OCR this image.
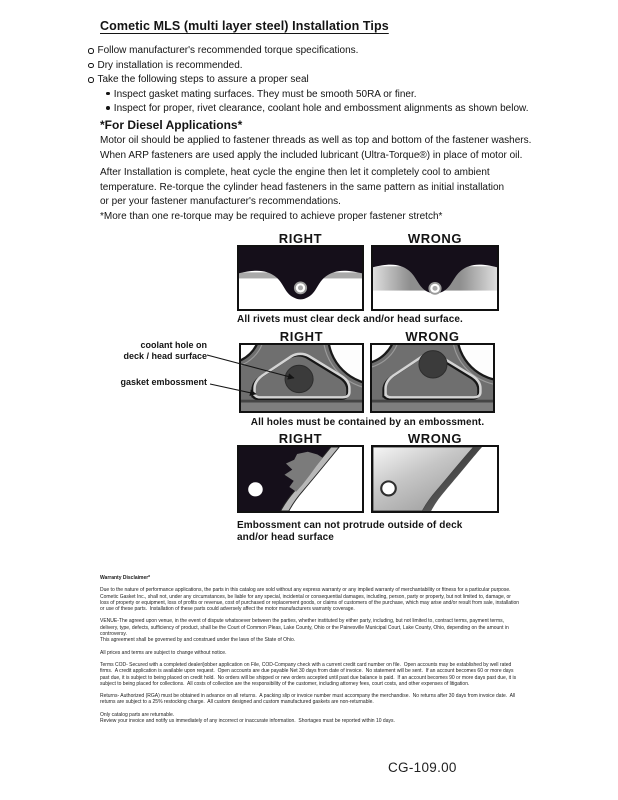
Cometic MLS (multi layer steel) Installation Tips
Follow manufacturer's recommended torque specifications.
Dry installation is recommended.
Take the following steps to assure a proper seal
Inspect gasket mating surfaces. They must be smooth 50RA or finer.
Inspect for proper, rivet clearance, coolant hole and embossment alignments as shown below.
*For Diesel Applications*
Motor oil should be applied to fastener threads as well as top and bottom of the fastener washers.
When ARP fasteners are used apply the included lubricant (Ultra-Torque®) in place of motor oil.
After Installation is complete, heat cycle the engine then let it completely cool to ambient
temperature. Re-torque the cylinder head fasteners in the same pattern as initial installation
or per your fastener manufacturer's recommendations.
*More than one re-torque may be required to achieve proper fastener stretch*
RIGHT	WRONG
All rivets must clear deck and/or head surface.
RIGHT	WRONG
coolant hole on
deck / head surface
gasket embossment
All holes must be contained by an embossment.
RIGHT	WRONG
Embossment can not protrude outside of deck
and/or head surface
Warranty Disclaimer*

Due to the nature of performance applications, the parts in this catalog are sold without any express warranty or any implied warranty of merchantability or fitness for a particular purpose.  Cometic Gasket Inc., shall not, under any circumstances, be liable for any special, incidental or consequential damages, including, person, party or property, but not limited to, damage, or loss of property or equipment, loss of profits or revenue, cost of purchased or replacement goods, or claims of customers of the purchase, which may arise and/or result from sale, installation or use of these parts.  Installation of these parts could adversely affect the motor manufacturers warranty coverage.

VENUE-The agreed upon venue, in the event of dispute whatsoever between the parties, whether instituted by either party, including, but not limited to, contract terms, payment terms, delivery, type, defects, sufficiency of product, shall be the Court of Common Pleas, Lake County, Ohio or the Painesville Municipal Court, Lake County, Ohio, depending on the amount in controversy.

This agreement shall be governed by and construed under the laws of the State of Ohio.

All prices and terms are subject to change without notice.

Terms COD- Secured with a completed dealer/jobber application on File, COD-Company check with a current credit card number on file.  Open accounts may be established by well rated firms.  A credit application is available upon request.  Open accounts are due payable Net 30 days from date of invoice.  No statement will be sent.  If an account becomes 60 or more days past due, it is subject to being placed on credit hold.  No orders will be shipped or new orders accepted until past due balance is paid.  If an account becomes 90 or more days past due, it is subject to being placed for collections.  All costs of collection are the responsibility of the customer, including attorney fees, court costs, and other expenses of litigation.

Returns- Authorized (RGA) must be obtained in advance on all returns.  A packing slip or invoice number must accompany the merchandise.  No returns after 30 days from invoice date.  All returns are subject to a 25% restocking charge.  All custom designed and custom manufactured gaskets are non-returnable.

Only catalog parts are returnable.

Review your invoice and notify us immediately of any incorrect or inaccurate information.  Shortages must be reported within 10 days.

CG-109.00
